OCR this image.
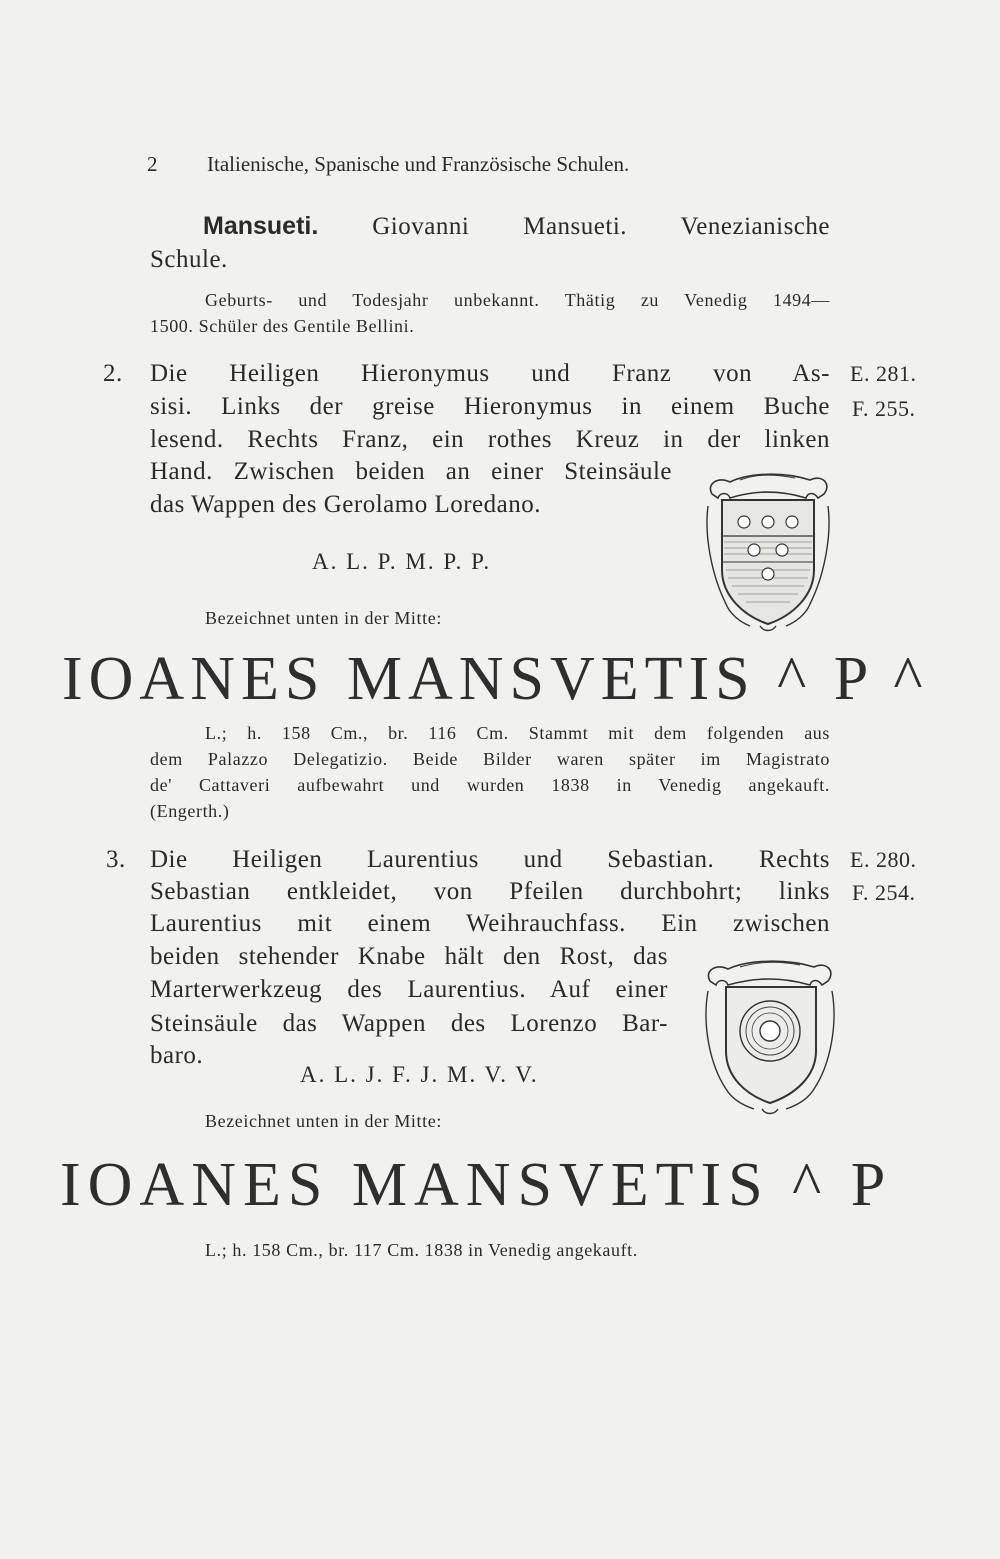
2 Italienische, Spanische und Französische Schulen.
Mansueti. Giovanni Mansueti. Venezianische
Schule.
Geburts- und Todesjahr unbekannt. Thätig zu Venedig 1494—
1500. Schüler des Gentile Bellini.
2. Die Heiligen Hieronymus und Franz von As-
sisi. Links der greise Hieronymus in einem Buche
lesend. Rechts Franz, ein rothes Kreuz in der linken
Hand. Zwischen beiden an einer Steinsäule
das Wappen des Gerolamo Loredano.
E. 281.
F. 255.
A. L. P. M. P. P.
Bezeichnet unten in der Mitte:
IOANES MANSVETIS ^ P ^
L.; h. 158 Cm., br. 116 Cm. Stammt mit dem folgenden aus
dem Palazzo Delegatizio. Beide Bilder waren später im Magistrato
de' Cattaveri aufbewahrt und wurden 1838 in Venedig angekauft.
(Engerth.)
3. Die Heiligen Laurentius und Sebastian. Rechts
Sebastian entkleidet, von Pfeilen durchbohrt; links
Laurentius mit einem Weihrauchfass. Ein zwischen
beiden stehender Knabe hält den Rost, das
Marterwerkzeug des Laurentius. Auf einer
Steinsäule das Wappen des Lorenzo Bar-
baro.
E. 280.
F. 254.
A. L. J. F. J. M. V. V.
Bezeichnet unten in der Mitte:
IOANES MANSVETIS ^ P
L.; h. 158 Cm., br. 117 Cm. 1838 in Venedig angekauft.
